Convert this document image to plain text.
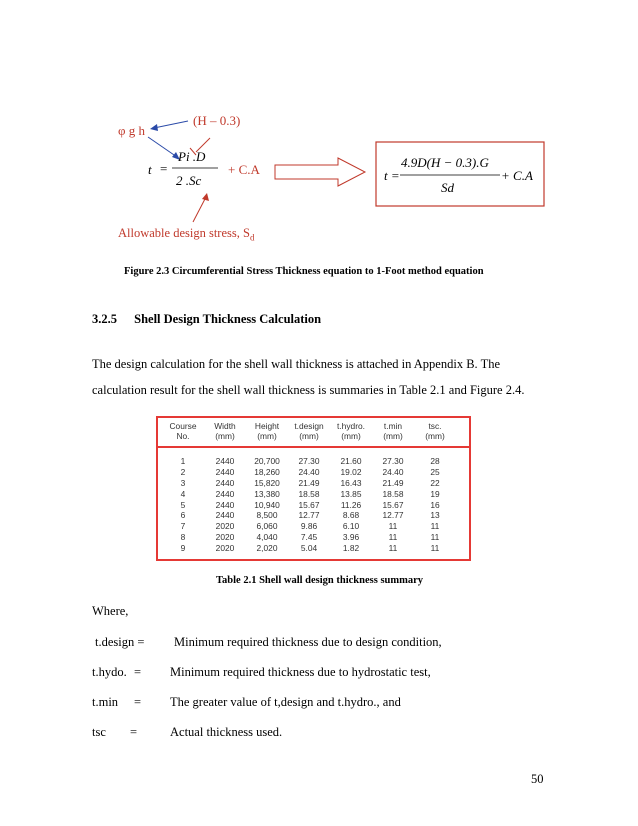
φ g h
(H – 0.3)
t =
Pi .D
2 .Sc
+ C.A
Allowable design stress, $S_d$
t =
4.9D(H − 0.3).G
Sd
+ C.A
Figure 2.3 Circumferential Stress Thickness equation to 1-Foot method equation
3.2.5 Shell Design Thickness Calculation
The design calculation for the shell wall thickness is attached in Appendix B. The
calculation result for the shell wall thickness is summaries in Table 2.1 and Figure 2.4.
Course	Width	Height	t.design	t.hydro.	t.min	tsc.
No.	(mm)	(mm)	(mm)	(mm)	(mm)	(mm)
1	2440	20,700	27.30	21.60	27.30	28
2	2440	18,260	24.40	19.02	24.40	25
3	2440	15,820	21.49	16.43	21.49	22
4	2440	13,380	18.58	13.85	18.58	19
5	2440	10,940	15.67	11.26	15.67	16
6	2440	8,500	12.77	8.68	12.77	13
7	2020	6,060	9.86	6.10	11	11
8	2020	4,040	7.45	3.96	11	11
9	2020	2,020	5.04	1.82	11	11
Table 2.1 Shell wall design thickness summary
Where,
t.design = Minimum required thickness due to design condition,
t.hydo. = Minimum required thickness due to hydrostatic test,
t.min = The greater value of t,design and t.hydro., and
tsc =	Actual thickness used.
50
